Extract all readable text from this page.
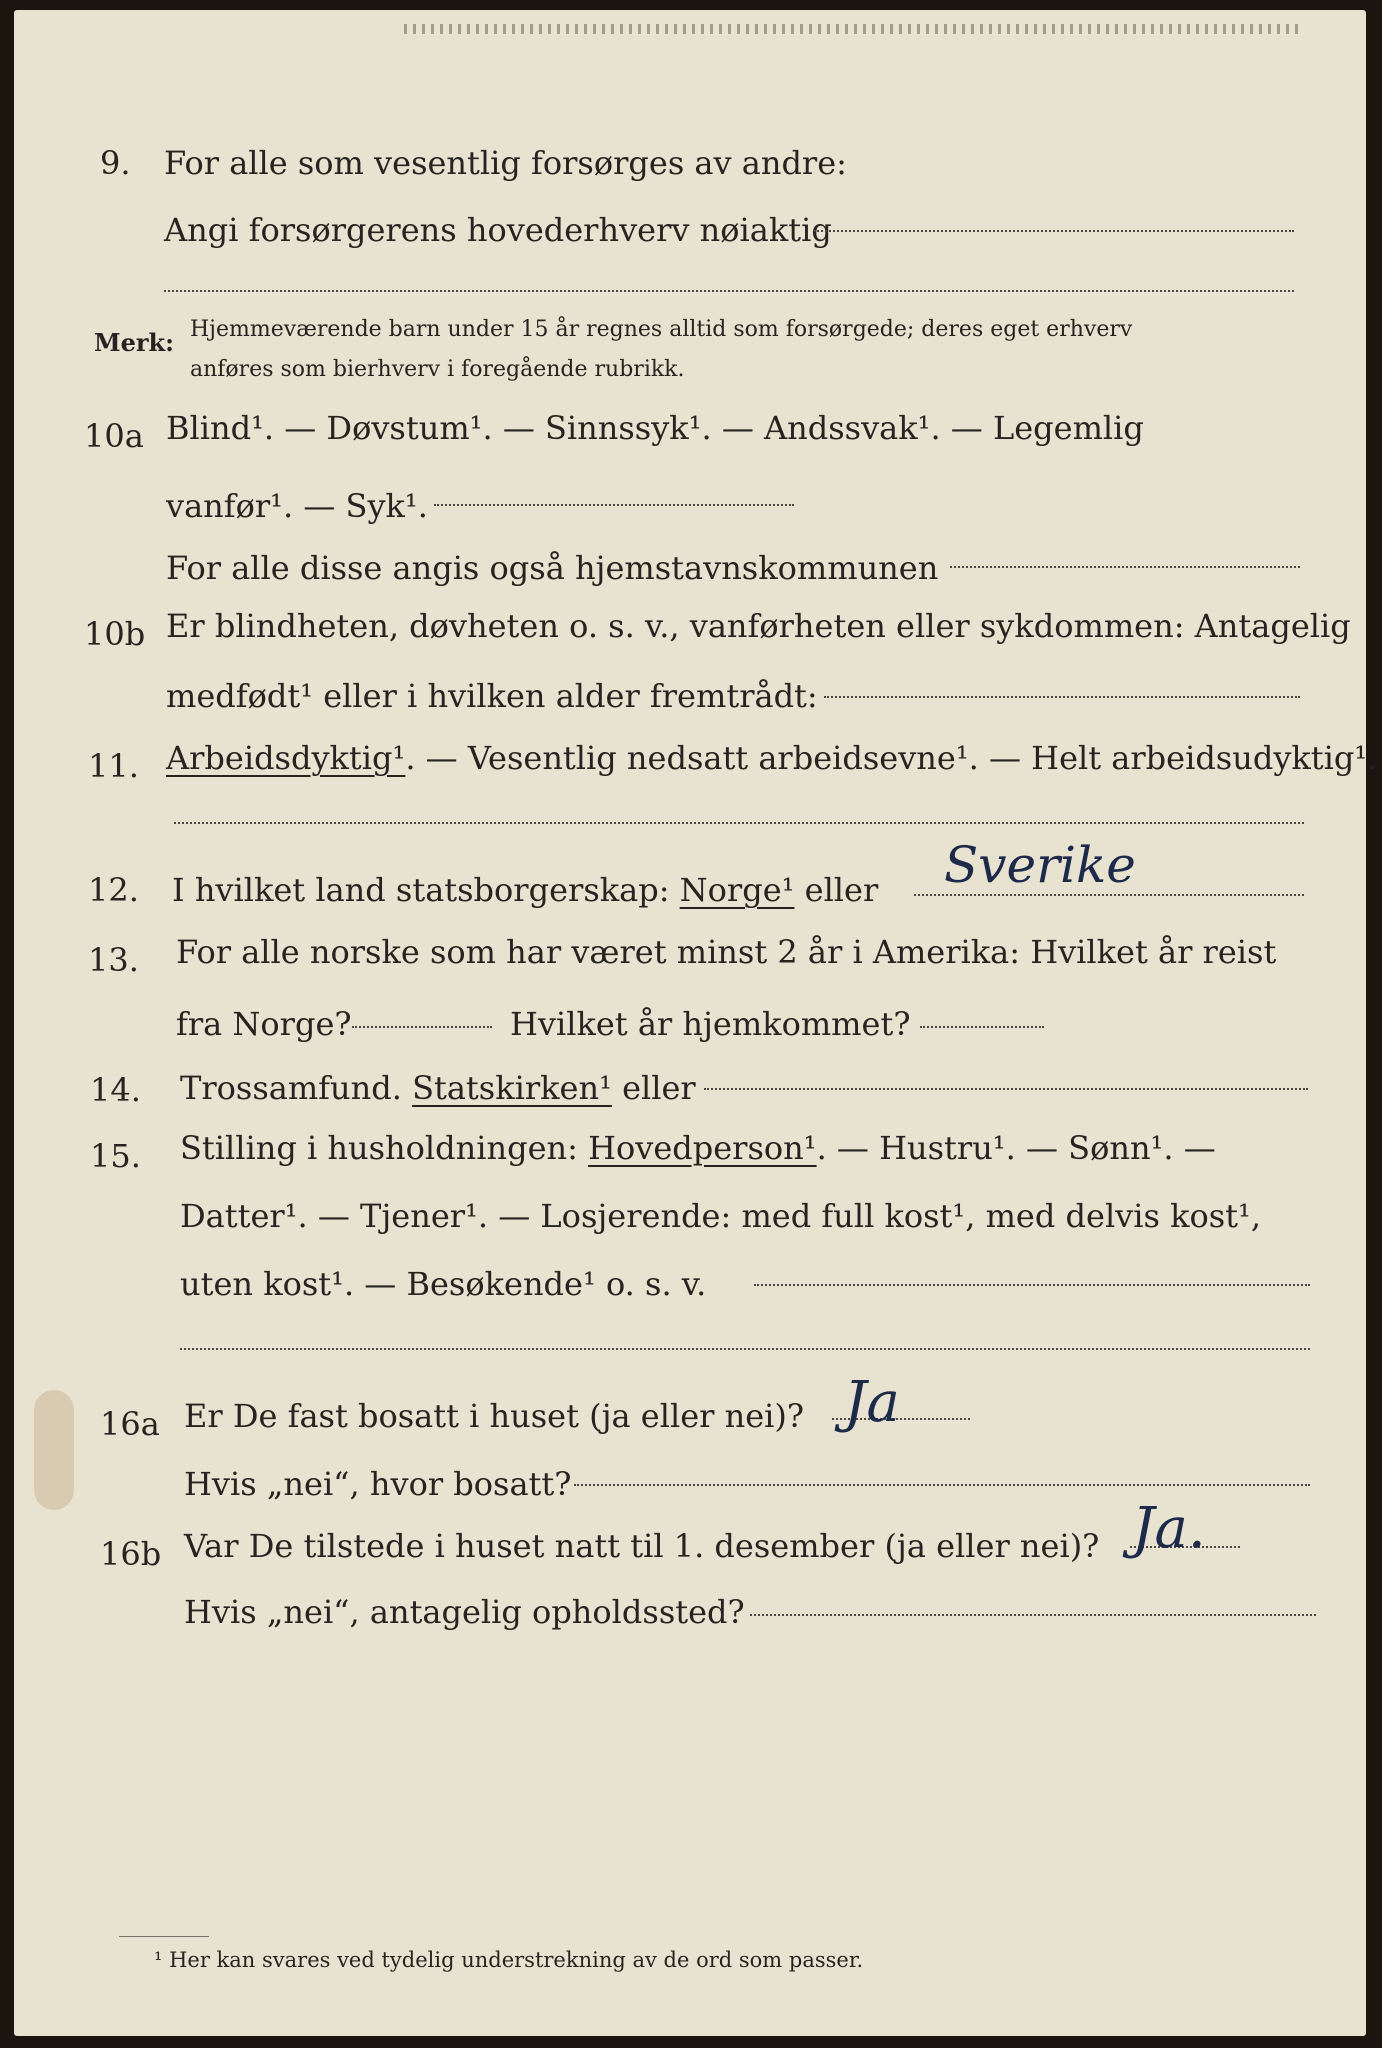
9. For alle som vesentlig forsørges av andre:
Angi forsørgerens hovederhverv nøiaktig
Merk: Hjemmeværende barn under 15 år regnes alltid som forsørgede; deres eget erhverv
anføres som bierhverv i foregående rubrikk.
10a Blind¹. — Døvstum¹. — Sinnssyk¹. — Andssvak¹. — Legemlig
vanfør¹. — Syk¹.
For alle disse angis også hjemstavnskommunen
10b Er blindheten, døvheten o. s. v., vanførheten eller sykdommen: Antagelig
medfødt¹ eller i hvilken alder fremtrådt:
11. Arbeidsdyktig¹. — Vesentlig nedsatt arbeidsevne¹. — Helt arbeidsudyktig¹.
12. I hvilket land statsborgerskap: Norge¹ eller Sverike
13. For alle norske som har været minst 2 år i Amerika: Hvilket år reist
fra Norge?	Hvilket år hjemkommet?
14. Trossamfund. Statskirken¹ eller
15. Stilling i husholdningen: Hovedperson¹. — Hustru¹. — Sønn¹. —
Datter¹. — Tjener¹. — Losjerende: med full kost¹, med delvis kost¹,
uten kost¹. — Besøkende¹ o. s. v.
16a Er De fast bosatt i huset (ja eller nei)? Ja
Hvis „nei“, hvor bosatt?
16b Var De tilstede i huset natt til 1. desember (ja eller nei)? Ja.
Hvis „nei“, antagelig opholdssted?
¹ Her kan svares ved tydelig understrekning av de ord som passer.
